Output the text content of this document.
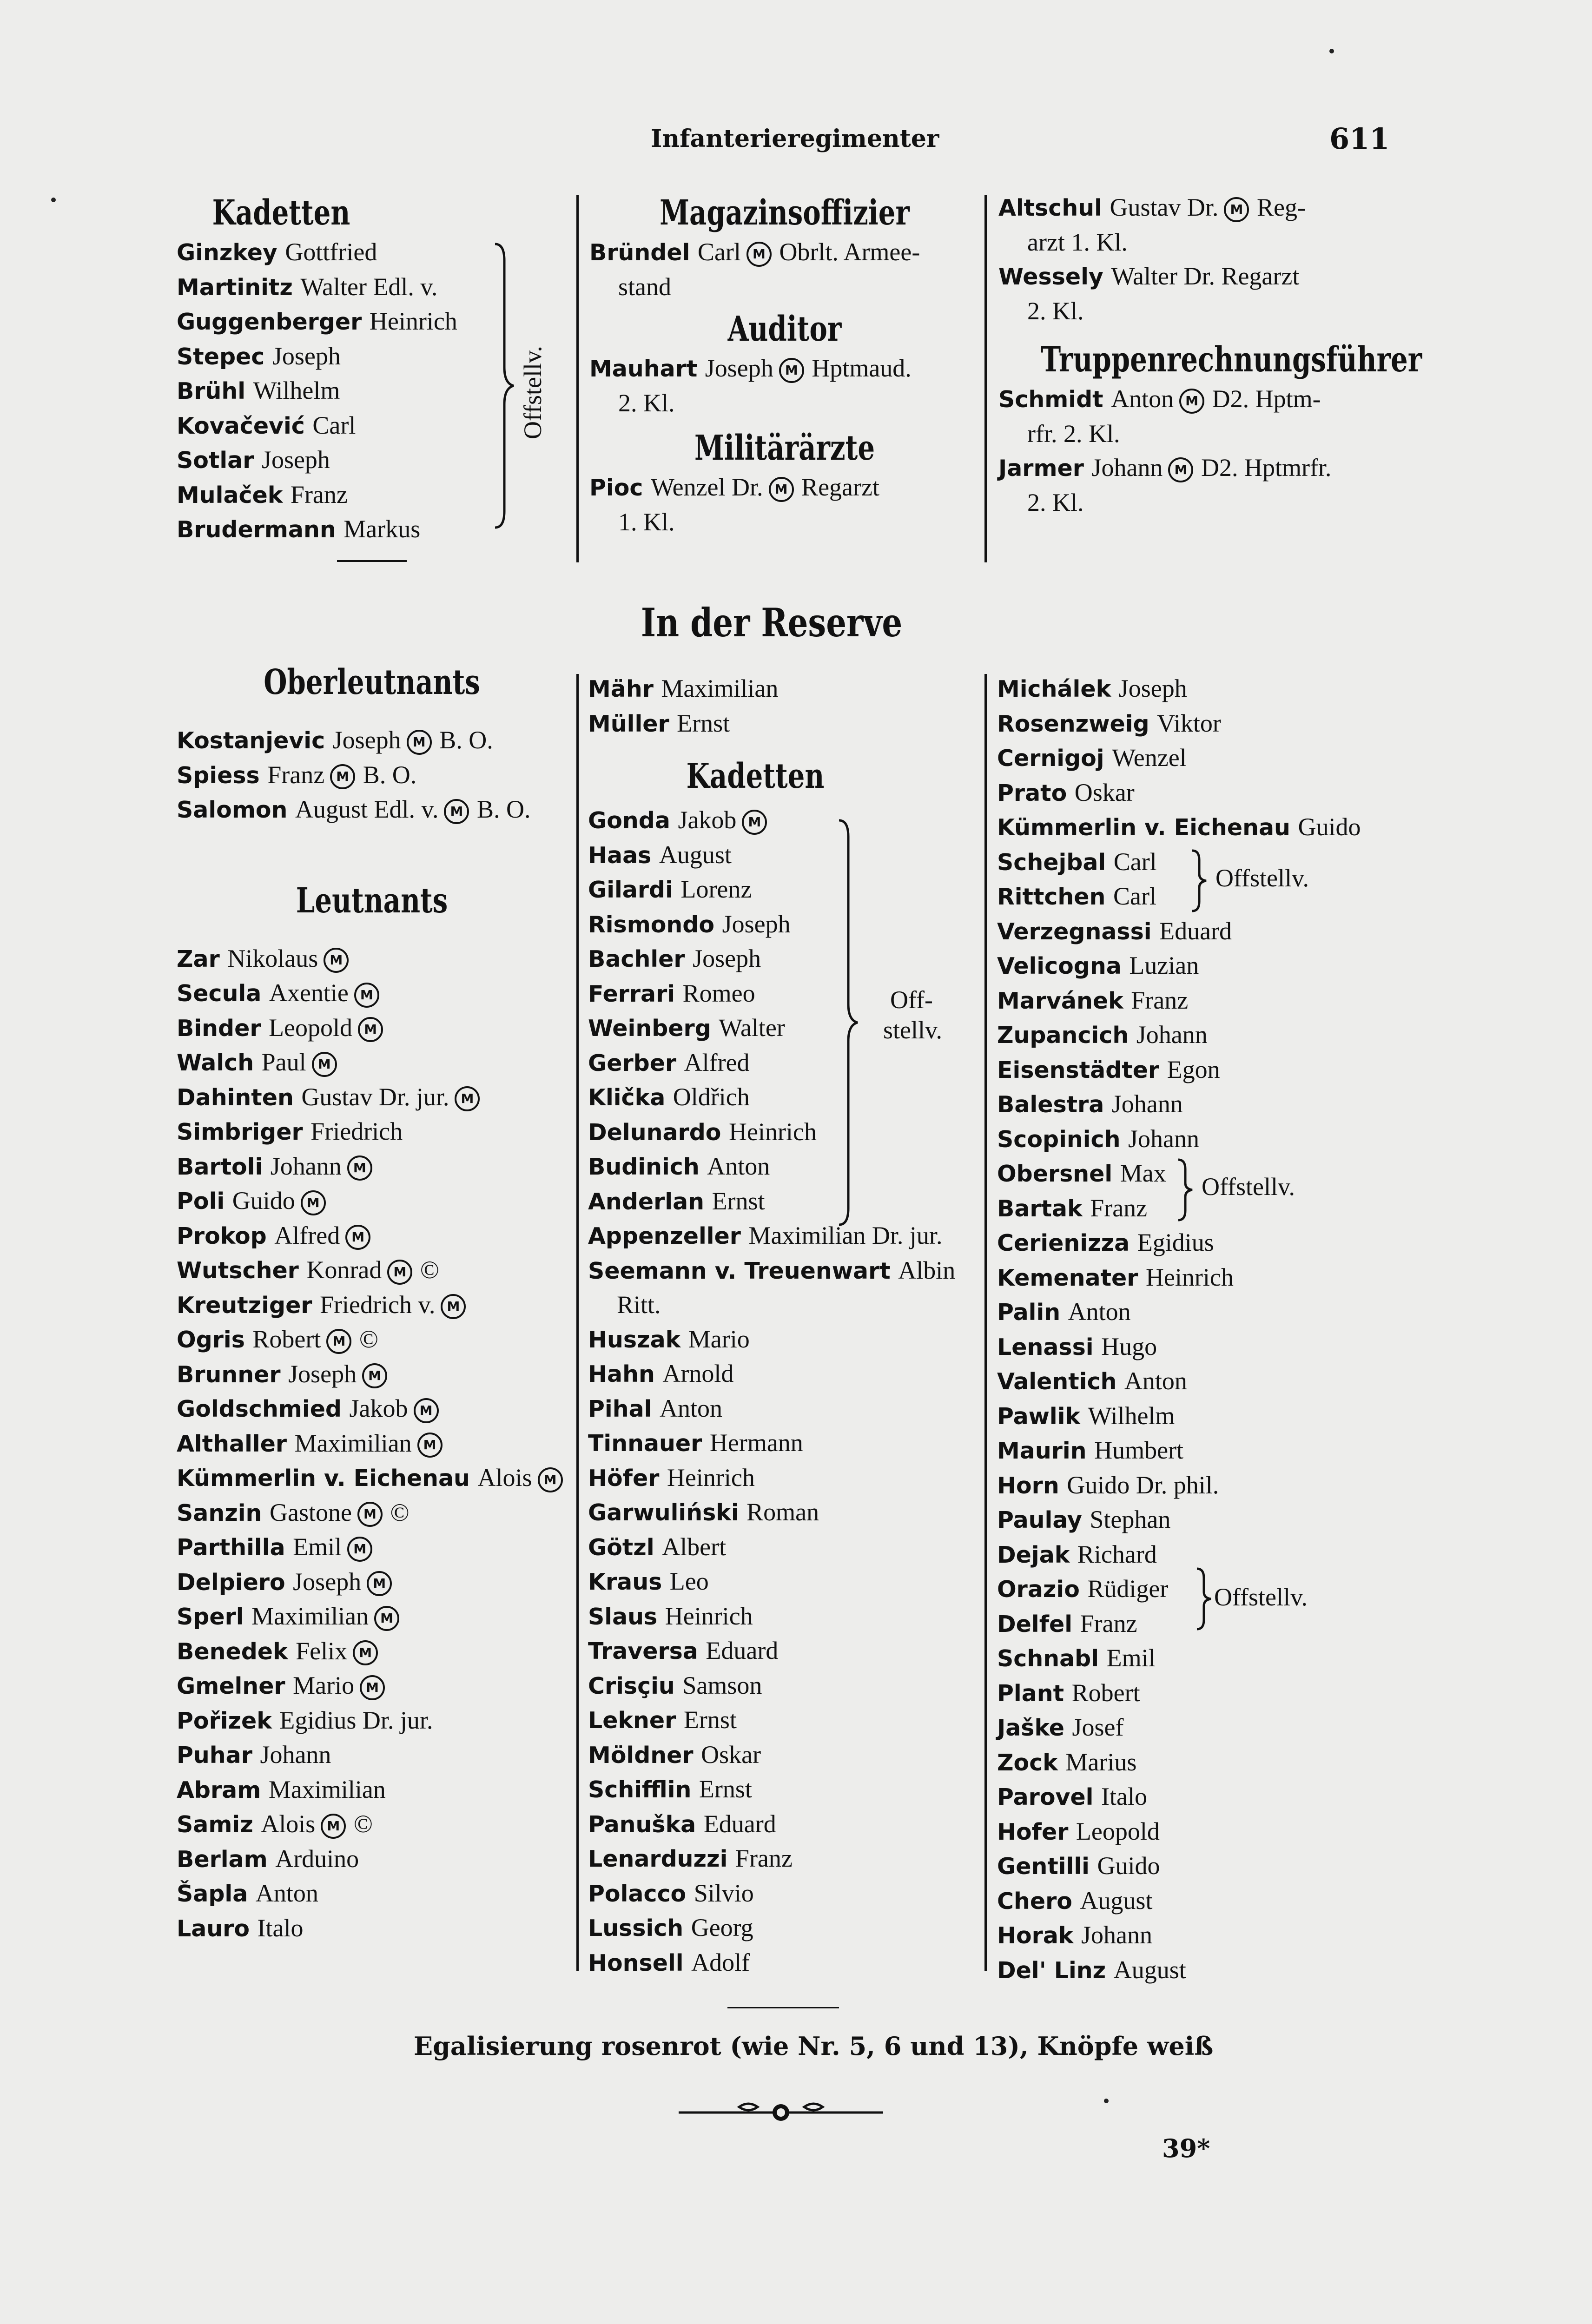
Infanterieregimenter	611
Kadetten
Ginzkey Gottfried
Martinitz Walter Edl. v.
Guggenberger Heinrich
Stepec Joseph
Brühl Wilhelm
Kovačević Carl
Sotlar Joseph
Mulaček Franz
Brudermann Markus
Offstellv.
Magazinsoffizier
Bründel Carl M Obrlt. Armee-
stand
Auditor
Mauhart Joseph M Hptmaud.
2. Kl.
Militärärzte
Pioc Wenzel Dr. M Regarzt
1. Kl.
Altschul Gustav Dr. M Reg-
arzt 1. Kl.
Wessely Walter Dr. Regarzt
2. Kl.
Truppenrechnungsführer
Schmidt Anton M D2. Hptm-
rfr. 2. Kl.
Jarmer Johann M D2. Hptmrfr.
2. Kl.
In der Reserve
Oberleutnants
Kostanjevic Joseph M B. O.
Spiess Franz M B. O.
Salomon August Edl. v. M B. O.
Leutnants
Zar Nikolaus M
Seculа Axentie M
Binder Leopold M
Walch Paul M
Dahinten Gustav Dr. jur. M
Simbriger Friedrich
Bartoli Johann M
Poli Guido M
Prokop Alfred M
Wutscher Konrad M ©
Kreutziger Friedrich v. M
Ogris Robert M ©
Brunner Joseph M
Goldschmied Jakob M
Althaller Maximilian M
Kümmerlin v. Eichenau Alois M
Sanzin Gastone M ©
Parthilla Emil M
Delpiero Joseph M
Sperl Maximilian M
Benedek Felix M
Gmelner Mario M
Pořizek Egidius Dr. jur.
Puhar Johann
Abram Maximilian
Samiz Alois M ©
Berlam Arduino
Šapla Anton
Lauro Italo
Mähr Maximilian
Müller Ernst
Kadetten
Gonda Jakob M
Haas August
Gilardi Lorenz
Rismondo Joseph
Bachler Joseph
Ferrari Romeo
Weinberg Walter
Gerber Alfred
Klička Oldřich
Delunardo Heinrich
Budinich Anton
Anderlan Ernst
Appenzeller Maximilian Dr. jur.
Seemann v. Treuenwart Albin
Ritt.
Huszak Mario
Hahn Arnold
Pihal Anton
Tinnauer Hermann
Höfer Heinrich
Garwuliński Roman
Götzl Albert
Kraus Leo
Slaus Heinrich
Traversa Eduard
Crisçiu Samson
Lekner Ernst
Möldner Oskar
Schifflin Ernst
Panuška Eduard
Lenarduzzi Franz
Polacco Silvio
Lussich Georg
Honsell Adolf
Off-
stellv.
Michálek Joseph
Rosenzweig Viktor
Cernigoj Wenzel
Prato Oskar
Kümmerlin v. Eichenau Guido
Schejbal Carl
Rittchen Carl
Verzegnassi Eduard
Velicogna Luzian
Marvánek Franz
Zupancich Johann
Eisenstädter Egon
Balestra Johann
Scopinich Johann
Obersnel Max
Bartak Franz
Cerienizza Egidius
Kemenater Heinrich
Palin Anton
Lenassi Hugo
Valentich Anton
Pawlik Wilhelm
Maurin Humbert
Horn Guido Dr. phil.
Paulay Stephan
Dejak Richard
Orazio Rüdiger
Delfel Franz
Schnabl Emil
Plant Robert
Jaške Josef
Zock Marius
Parovel Italo
Hofer Leopold
Gentilli Guido
Chero August
Horak Johann
Del' Linz August
Offstellv.
Offstellv.
Offstellv.
Egalisierung rosenrot (wie Nr. 5, 6 und 13), Knöpfe weiß
39*
